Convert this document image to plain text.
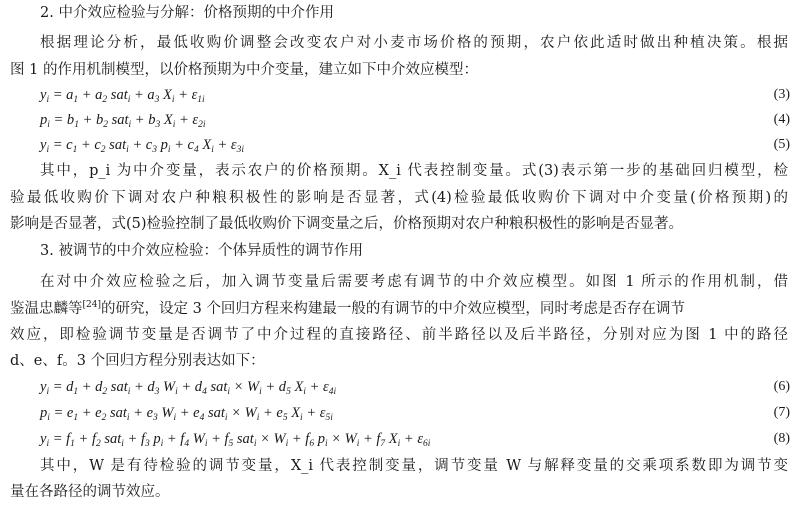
2. 中介效应检验与分解：价格预期的中介作用
根据理论分析，最低收购价调整会改变农户对小麦市场价格的预期，农户依此适时做出种植决策。根据
图 1 的作用机制模型，以价格预期为中介变量，建立如下中介效应模型：
$y_i = a_1 + a_2$ $sat_i + a_3$ $X_i + \varepsilon_{1i}$	(3)
$p_i = b_1 + b_2$ $sat_i + b_3$ $X_i + \varepsilon_{2i}$	(4)
$y_i = c_1 + c_2$ $sat_i + c_3$ $p_i + c_4$ $X_i + \varepsilon_{3i}$	(5)
其中，p_i 为中介变量，表示农户的价格预期。X_i 代表控制变量。式(3)表示第一步的基础回归模型，检
验最低收购价下调对农户种粮积极性的影响是否显著，式(4)检验最低收购价下调对中介变量(价格预期)的
影响是否显著，式(5)检验控制了最低收购价下调变量之后，价格预期对农户种粮积极性的影响是否显著。
3. 被调节的中介效应检验：个体异质性的调节作用
在对中介效应检验之后，加入调节变量后需要考虑有调节的中介效应模型。如图 1 所示的作用机制，借
鉴温忠麟等[24]的研究，设定 3 个回归方程来构建最一般的有调节的中介效应模型，同时考虑是否存在调节
效应，即检验调节变量是否调节了中介过程的直接路径、前半路径以及后半路径，分别对应为图 1 中的路径
d、e、f。3 个回归方程分别表达如下：
$y_i = d_1 + d_2$ $sat_i + d_3$ $W_i + d_4$ $sat_i \times W_i + d_5$ $X_i + \varepsilon_{4i}$	(6)
$p_i = e_1 + e_2$ $sat_i + e_3$ $W_i + e_4$ $sat_i \times W_i + e_5$ $X_i + \varepsilon_{5i}$	(7)
$y_i = f_1 + f_2$ $sat_i + f_3$ $p_i + f_4$ $W_i + f_5$ $sat_i \times W_i + f_6$ $p_i \times W_i + f_7$ $X_i + \varepsilon_{6i}$	(8)
其中，W 是有待检验的调节变量，X_i 代表控制变量，调节变量 W 与解释变量的交乘项系数即为调节变
量在各路径的调节效应。
